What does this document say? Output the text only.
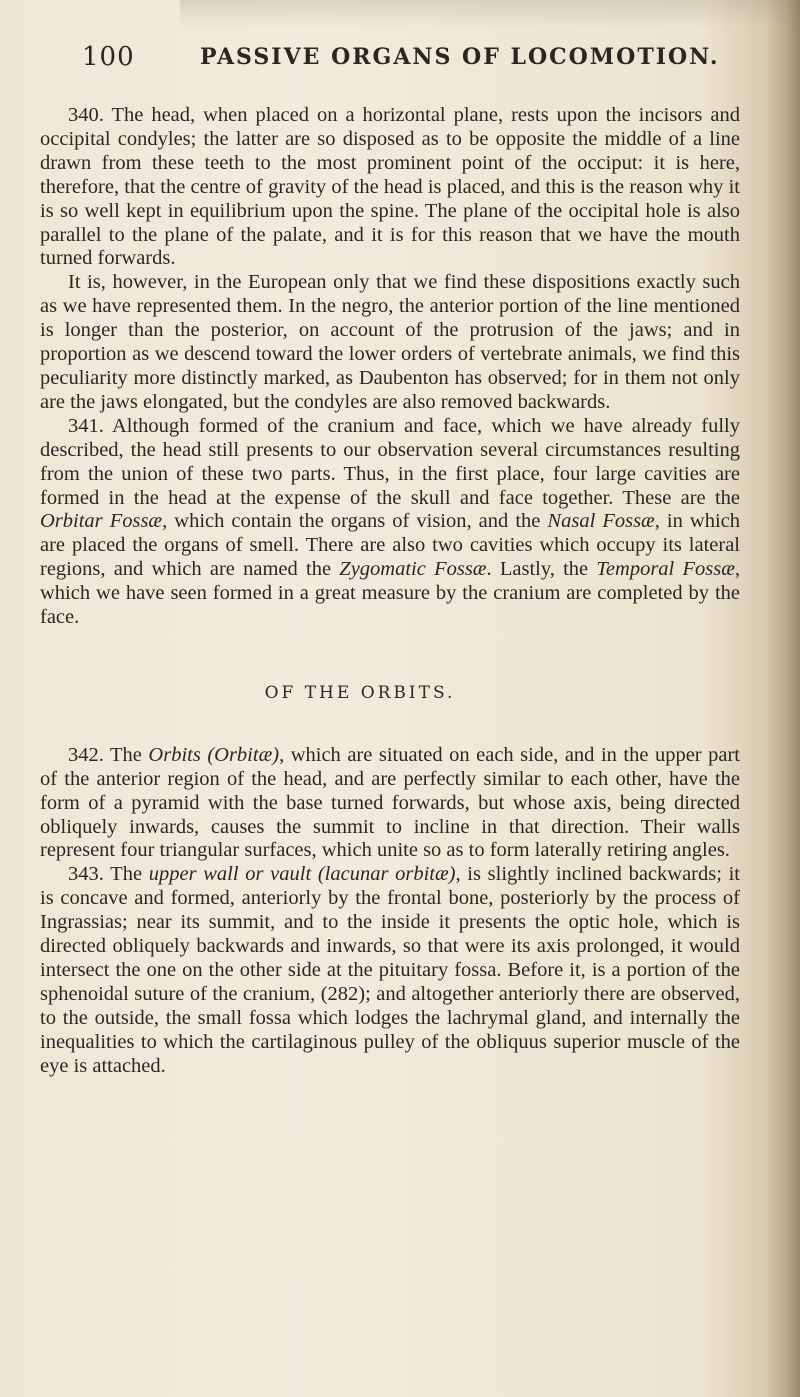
100	PASSIVE ORGANS OF LOCOMOTION.

340. The head, when placed on a horizontal plane, rests upon the incisors and occipital condyles; the latter are so disposed as to be opposite the middle of a line drawn from these teeth to the most prominent point of the occiput: it is here, therefore, that the centre of gravity of the head is placed, and this is the reason why it is so well kept in equilibrium upon the spine. The plane of the occipital hole is also parallel to the plane of the palate, and it is for this reason that we have the mouth turned forwards.

It is, however, in the European only that we find these dispositions exactly such as we have represented them. In the negro, the anterior portion of the line mentioned is longer than the posterior, on account of the protrusion of the jaws; and in proportion as we descend toward the lower orders of vertebrate animals, we find this peculiarity more distinctly marked, as Daubenton has observed; for in them not only are the jaws elongated, but the condyles are also removed backwards.

341. Although formed of the cranium and face, which we have already fully described, the head still presents to our observation several circumstances resulting from the union of these two parts. Thus, in the first place, four large cavities are formed in the head at the expense of the skull and face together. These are the Orbitar Fossæ, which contain the organs of vision, and the Nasal Fossæ, in which are placed the organs of smell. There are also two cavities which occupy its lateral regions, and which are named the Zygomatic Fossæ. Lastly, the Temporal Fossæ, which we have seen formed in a great measure by the cranium are completed by the face.

OF THE ORBITS.

342. The Orbits (Orbitæ), which are situated on each side, and in the upper part of the anterior region of the head, and are perfectly similar to each other, have the form of a pyramid with the base turned forwards, but whose axis, being directed obliquely inwards, causes the summit to incline in that direction. Their walls represent four triangular surfaces, which unite so as to form laterally retiring angles.

343. The upper wall or vault (lacunar orbitæ), is slightly inclined backwards; it is concave and formed, anteriorly by the frontal bone, posteriorly by the process of Ingrassias; near its summit, and to the inside it presents the optic hole, which is directed obliquely backwards and inwards, so that were its axis prolonged, it would intersect the one on the other side at the pituitary fossa. Before it, is a portion of the sphenoidal suture of the cranium, (282); and altogether anteriorly there are observed, to the outside, the small fossa which lodges the lachrymal gland, and internally the inequalities to which the cartilaginous pulley of the obliquus superior muscle of the eye is attached.
